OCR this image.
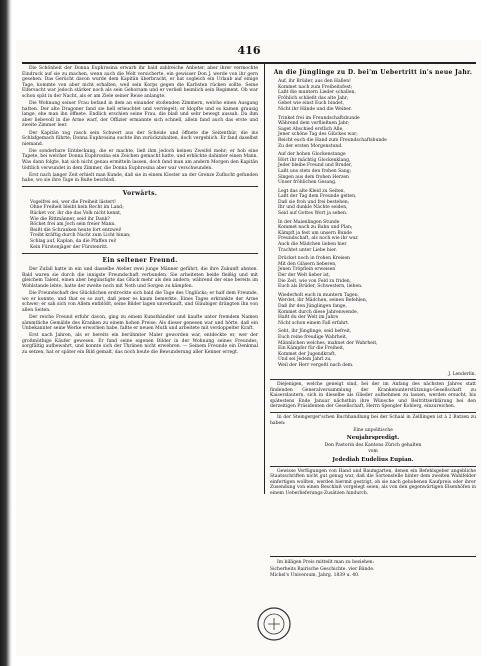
416

Die Schönheit der Donna Euphrosina erwarb ihr bald zahlreiche Anbeter, aber ihrer vermochte Eindruck auf sie zu machen, wenn auch die Welt versicherte, ein gewisser Don J. werde von ihr gern gesehen. Das Gerücht davon wurde dem Kapitän überbracht, er hat sogleich ein Urlaub auf einige Tage, kommte von aber nicht erhalten, weil sein Korps gegen die Karlisten rücken sollte. Seine Eifersucht war jedoch stärker noch als sein Gehorsam und er verließ heimlich sein Regiment. Ob war schon spät in der Nacht, als er am Ziele seiner Reise anlangte.

Die Wohnung seiner Frau befand in dem an einander stoßenden Zimmern, welche einen Ausgang hatten. Der alte Dragoner fand sie hell erleuchtet und verriegelt; er klopfte und es kamen grausig lange, ehe man ihn öffnete. Endlich erschien seine Frau, die blaß und sehr bewegt aussah. Da ihm aber liebevoll in die Arme warf, der Offizier ermannte sich schnell, allein fand auch das erste und zweite Zimmer leer.

Der Kapitän zog rasch sein Schwert aus der Scheide und öffnete die Seitenthür, die ins Schlafgemach führte; Donna Euphrosina suchte ihn zurückzuhalten, doch vergeblich. Er fand daselbst niemand.

Die sonderbare Entdeckung, die er machte, ließ ihm jedoch keinen Zweifel mehr; er hob eine Tapete, bei welcher Donna Euphrosina ein Zeichen gemacht hatte, und erblickte dahinter einen Mann. Was dann folgte, hat sich nicht genau ermitteln lassen, doch fand man am andern Morgen den Kapitän tödtlich verwundet in dem Zimmer, die Donna Euphrosina aber war verschwunden.

Erst nach langer Zeit erhielt man Kunde, daß sie in einem Kloster an der Grenze Zuflucht gefunden habe, wo sie ihre Tage in Buße beschloß.

Vorwärts.

Vogelfrei sei, wer die Freiheit lästert!

Ohne Freiheit bleibt kein Recht im Land;

Rücket vor, ihr die das Volk nicht kennt,

Wie die Rittmänner, seid ihr Dank?

Röcket frei am Joch sein freier Mann.

Reißt die Schranken heute fort entzwei!

Treibt kräftig durch Nacht zum Licht hinan;

Schlag auf, Kaplan, da die Pfaffen rei!

Kein Fürstenjäger der Fürstenritt.

Ein seltener Freund.

Der Zufall hatte in ein und dasselbe Atelier zwei junge Männer geführt, die ihre Zukunft ahnten. Bald waren sie durch die innigste Freundschaft verbunden. Sie arbeiteten beide fleißig und mit gleichem Talent, einen aber begünstigte das Glück mehr als den andern; während der eine bereits im Wohlstande lebte, hatte der zweite noch mit Noth und Sorgen zu kämpfen.

Die Freundschaft des Glücklichen erstreckte sich bald die Tage des Unglücks; er half dem Freunde, wo er konnte, und that es so zart, daß jener es kaum bemerkte. Eines Tages erkrankte der Arme schwer; er sah sich von Allem entblößt, seine Bilder lagen unverkauft, und Gläubiger drängten ihn von allen Seiten.

Der reiche Freund erfuhr davon, ging zu einem Kunsthändler und kaufte unter fremdem Namen sämmtliche Gemälde des Kranken zu einem hohen Preise. Als dieser genesen war und hörte, daß ein Unbekannter seine Werke erworben habe, faßte er neuen Muth und arbeitete mit verdoppelter Kraft.

Erst nach Jahren, als er bereits ein berühmter Maler geworden war, entdeckte er, wer der großmüthige Käufer gewesen. Er fand seine eigenen Bilder in der Wohnung seines Freundes, sorgfältig aufbewahrt, und konnte sich der Thränen nicht erwehren. — Seinem Freunde ein Denkmal zu setzen, hat er später ein Bild gemalt, das noch heute die Bewunderung aller Kenner erregt.

An die Jünglinge zu D. bei'm Uebertritt in's neue Jahr.

Auf, ihr Brüder, aus den Hallen!

Kommet nach zum Freiheitsfest;

Laßt die muntern Lieder schallen,

Fröhlich schließt das alte Jahr;

Gebet wie einst Euch bindet,

Nicht ihr Hände und die Weiber.

Trinket frei im Freundschaftsbunde

Während dem verfließnen Jahr;

Saget Abschied erstlich Alle,

Jener schöne Tag des Glückes war;

Reicht euch die Hand zum Freundschaftsbunde

Zu der ersten Morgenstund.

Auf der hohen Glockenstange

Hört ihr mächtig Glockenklang,

Jeder bleibe Freund und Bruder,

Laßt uns stets den frohen Sang;

Singen aus dem frohen Herzen

Unser fröhlichen Gesang.

Legt das alte Kleid zu Seiten,

Laßt der Tag dem Freunde gelten,

Daß sie froh und frei bestehen;

Ihr und dunkle Nächte seiden,

Seid auf Gottes Wort ja sehen.

In der Maienlingen Stunde

Kommet nach zu Bahn und Plan;

Kämpft ja fest um unsern Bunde

Freundschaft, als noch wie ihr war.

Auch die Mädchen lieben hier

Trachtet unter Liebe hier.

Drücket noch in frohen Kreisen

Mit den Gläsern lieberen,

Jenen Tröpflein erweisen

Der der Welt lieber ist,

Die Zeit, wie von Feld zu friden,

Euch als Brüder, Schwestern, lieben.

Wiederholt euch in muntern Tagen,

Werdet, ihr Mädchen, seinen Befehlen,

Daß ihr den Jünglingen fange,

Kommet durch diese Jahrenwende,

Haßt du der Welt im Jahre

Nicht schon einem Fall erfahrt.

Seht, ihr Jünglinge, seid befreit,

Euch reine freudige Wahrheit,

Männlichen welches, mahnet der Wahrheit,

Ein Kämpfer für die Freiheit,

Kommet der Jugendkraft,

Und sei Jedem Jahrl zu,

Weil der Herr vergeßt nach dem.

J. Lenderlin.

Diejenigen, welche geneigt sind, bei der im Anfang des nächsten Jahres statt findenden Generalversammlung der Krankenunterstützungs-Gesellschaft zu Kaiserslautern, sich in dieselbe als Glieder aufnehmen zu lassen, werden ersucht, bis spätestens Ende Januar nächsthin ihre Wünsche und Beitrittserklärung bei den derzeitigen Präsidenten der Gesellschaft, Herrn Spengler Kohlerg, einzureichen.

In der Steingerger'schen Buchhandlung bei der Schaal in Zelllingen ist à 2 Batzen zu haben:

Eine unpolitische

Neujahrspredigt.

Den Pastorin des Kantons Zürich gehalten

vom

Jedediah Eudelius Eupian.

Gewisse Verfügungen von Hand und Baumgarten, denen ein Befehlsgeber angebliche Staatsschriften nicht gut genug war, daß die Sortenstelle hinter dem zweiten Wahlfelder einfertigen wollten, werden hiermit gestrigt, ob sie nach gehobenen Kaufpreis oder ihrer Zusendung von einen Beschluß vorgelegt seien, als von den gegenwärtigen Elsenhöfen in einem Ueberlieferungs-Zusätzen hindurch.

Im billigen Preis mitteilt man zu beziehen:

Sicherheits Bairische Geschichte, vier Bände.

Michel's Universum, Jahrg. 1839 u. 40.
